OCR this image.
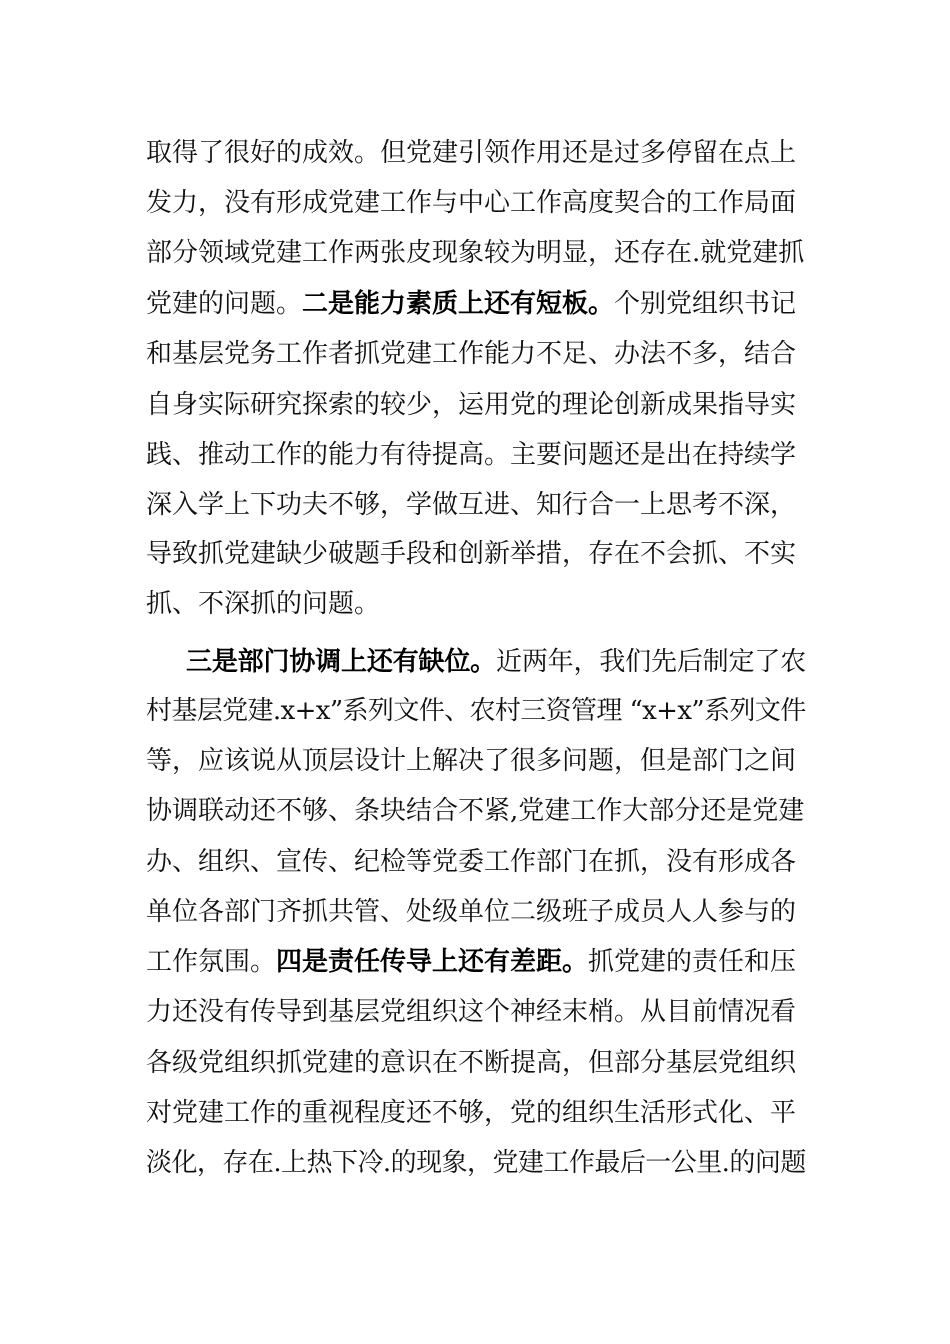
取得了很好的成效。但党建引领作用还是过多停留在点上
发力，没有形成党建工作与中心工作高度契合的工作局面
部分领域党建工作两张皮现象较为明显，还存在.就党建抓
党建的问题。二是能力素质上还有短板。个别党组织书记
和基层党务工作者抓党建工作能力不足、办法不多，结合
自身实际研究探索的较少，运用党的理论创新成果指导实
践、推动工作的能力有待提高。主要问题还是出在持续学
深入学上下功夫不够，学做互进、知行合一上思考不深，
导致抓党建缺少破题手段和创新举措，存在不会抓、不实
抓、不深抓的问题。
三是部门协调上还有缺位。近两年，我们先后制定了农
村基层党建.x+x”系列文件、农村三资管理 “x+x”系列文件
等，应该说从顶层设计上解决了很多问题，但是部门之间
协调联动还不够、条块结合不紧,党建工作大部分还是党建
办、组织、宣传、纪检等党委工作部门在抓，没有形成各
单位各部门齐抓共管、处级单位二级班子成员人人参与的
工作氛围。四是责任传导上还有差距。抓党建的责任和压
力还没有传导到基层党组织这个神经末梢。从目前情况看
各级党组织抓党建的意识在不断提高，但部分基层党组织
对党建工作的重视程度还不够，党的组织生活形式化、平
淡化，存在.上热下冷.的现象，党建工作最后一公里.的问题
